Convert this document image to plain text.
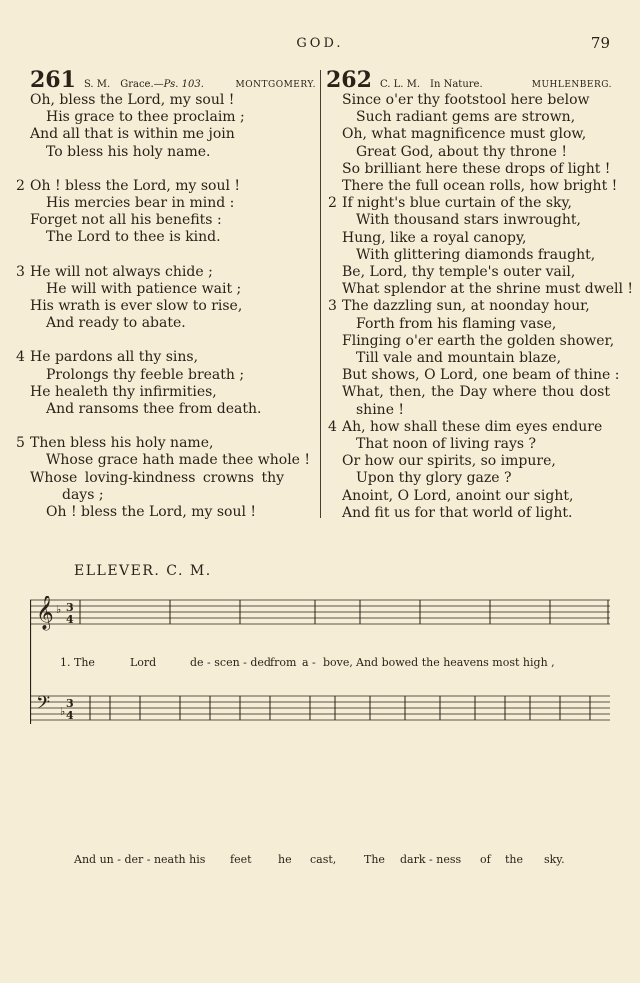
GOD.	79
261 S. M. Grace.—Ps. 103.	MONTGOMERY.
Oh, bless the Lord, my soul !
His grace to thee proclaim ;
And all that is within me join
To bless his holy name.
2 Oh ! bless the Lord, my soul !
His mercies bear in mind :
Forget not all his benefits :
The Lord to thee is kind.
3 He will not always chide ;
He will with patience wait ;
His wrath is ever slow to rise,
And ready to abate.
4 He pardons all thy sins,
Prolongs thy feeble breath ;
He healeth thy infirmities,
And ransoms thee from death.
5 Then bless his holy name,
Whose grace hath made thee whole !
Whose loving-kindness crowns thy
days ;
Oh ! bless the Lord, my soul !
262 C. L. M. In Nature.	MUHLENBERG.
Since o'er thy footstool here below
Such radiant gems are strown,
Oh, what magnificence must glow,
Great God, about thy throne !
So brilliant here these drops of light !
There the full ocean rolls, how bright !
2 If night's blue curtain of the sky,
With thousand stars inwrought,
Hung, like a royal canopy,
With glittering diamonds fraught,
Be, Lord, thy temple's outer vail,
What splendor at the shrine must dwell !
3 The dazzling sun, at noonday hour,
Forth from his flaming vase,
Flinging o'er earth the golden shower,
Till vale and mountain blaze,
But shows, O Lord, one beam of thine :
What, then, the Day where thou dost
shine !
4 Ah, how shall these dim eyes endure
That noon of living rays ?
Or how our spirits, so impure,
Upon thy glory gaze ?
Anoint, O Lord, anoint our sight,
And fit us for that world of light.
ELLEVER. C. M.
𝄞 ♭ 3
4
𝄢 ♭
3
4
1. The	Lord	de - scen - ded from a - bove, And bowed the heavens most high ,
And un - der - neath his feet he cast,	The dark - ness of the sky.
